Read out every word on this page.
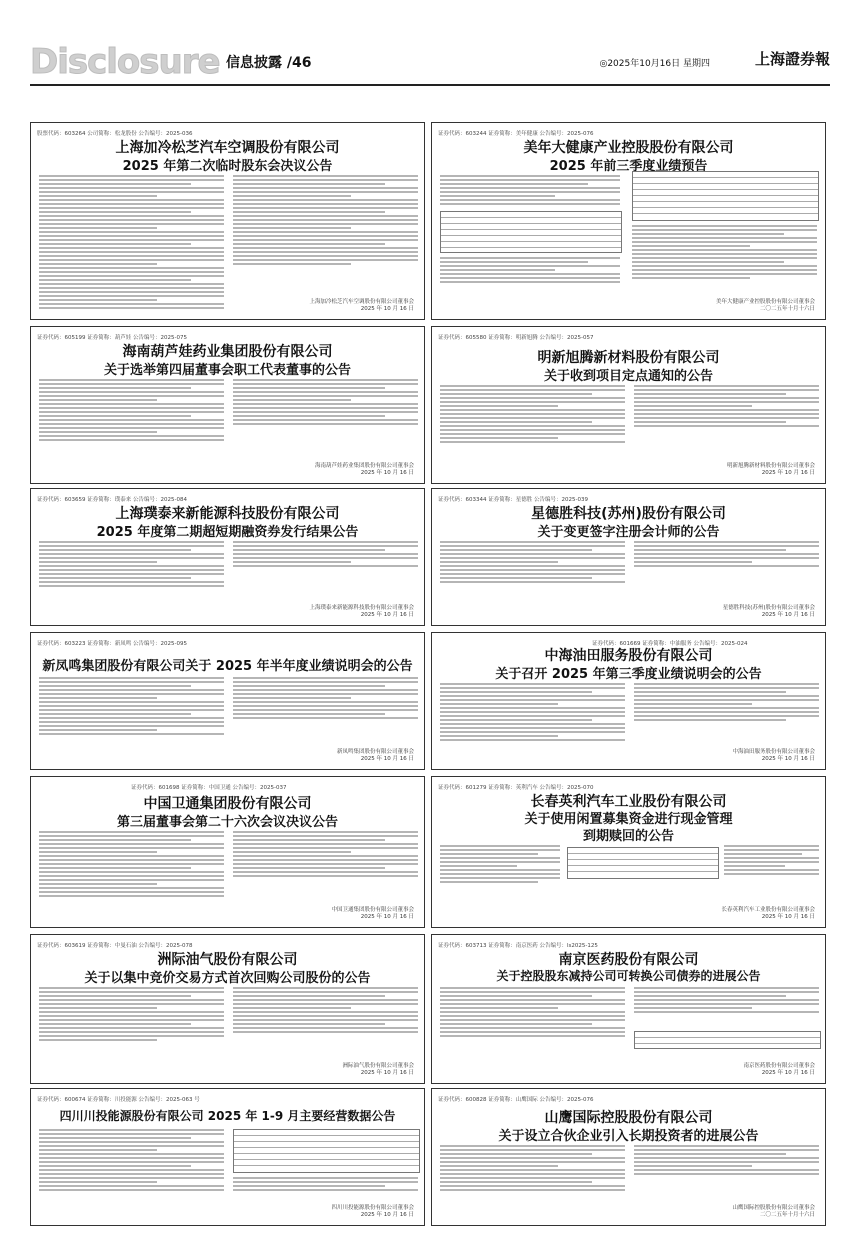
Disclosure 信息披露 /46	◎2025年10月16日 星期四	上海證券報
股票代码：603264 公司简称：松龙股份 公告编号：2025-036
上海加冷松芝汽车空调股份有限公司
2025 年第二次临时股东会决议公告
上海加冷松芝汽车空调股份有限公司董事会
2025 年 10 月 16 日
证券代码：603244 证券简称：美年健康 公告编号：2025-076
美年大健康产业控股股份有限公司
2025 年前三季度业绩预告
美年大健康产业控股股份有限公司董事会
二〇二五年十月十六日
证券代码：605199 证券简称：葫芦娃 公告编号：2025-075
海南葫芦娃药业集团股份有限公司
关于选举第四届董事会职工代表董事的公告
海南葫芦娃药业集团股份有限公司董事会
2025 年 10 月 16 日
证券代码：605580 证券简称：明新旭腾 公告编号：2025-057
明新旭腾新材料股份有限公司
关于收到项目定点通知的公告
明新旭腾新材料股份有限公司董事会
2025 年 10 月 16 日
证券代码：603659 证券简称：璞泰来 公告编号：2025-084
上海璞泰来新能源科技股份有限公司
2025 年度第二期超短期融资券发行结果公告
上海璞泰来新能源科技股份有限公司董事会
2025 年 10 月 16 日
证券代码：603344 证券简称：星德胜 公告编号：2025-039
星德胜科技(苏州)股份有限公司
关于变更签字注册会计师的公告
星德胜科技(苏州)股份有限公司董事会
2025 年 10 月 16 日
证券代码：603223 证券简称：新凤鸣 公告编号：2025-095
新凤鸣集团股份有限公司关于 2025 年半年度业绩说明会的公告
新凤鸣集团股份有限公司董事会
2025 年 10 月 16 日
证券代码：601669 证券简称：中油服务 公告编号：2025-024
中海油田服务股份有限公司
关于召开 2025 年第三季度业绩说明会的公告
中海油田服务股份有限公司董事会
2025 年 10 月 16 日
证券代码：601698 证券简称：中国卫通 公告编号：2025-037
中国卫通集团股份有限公司
第三届董事会第二十六次会议决议公告
中国卫通集团股份有限公司董事会
2025 年 10 月 16 日
证券代码：601279 证券简称：英利汽车 公告编号：2025-070
长春英利汽车工业股份有限公司
关于使用闲置募集资金进行现金管理
到期赎回的公告
长春英利汽车工业股份有限公司董事会
2025 年 10 月 16 日
证券代码：603619 证券简称：中曼石油 公告编号：2025-078
洲际油气股份有限公司
关于以集中竞价交易方式首次回购公司股份的公告
洲际油气股份有限公司董事会
2025 年 10 月 16 日
证券代码：603713 证券简称：南京医药 公告编号：ls2025-125
南京医药股份有限公司
关于控股股东减持公司可转换公司债券的进展公告
南京医药股份有限公司董事会
2025 年 10 月 16 日
证券代码：600674 证券简称：川投能源 公告编号：2025-063 号
四川川投能源股份有限公司 2025 年 1-9 月主要经营数据公告
四川川投能源股份有限公司董事会
2025 年 10 月 16 日
证券代码：600828 证券简称：山鹰国际 公告编号：2025-076
山鹰国际控股股份有限公司
关于设立合伙企业引入长期投资者的进展公告
山鹰国际控股股份有限公司董事会
二〇二五年十月十六日
